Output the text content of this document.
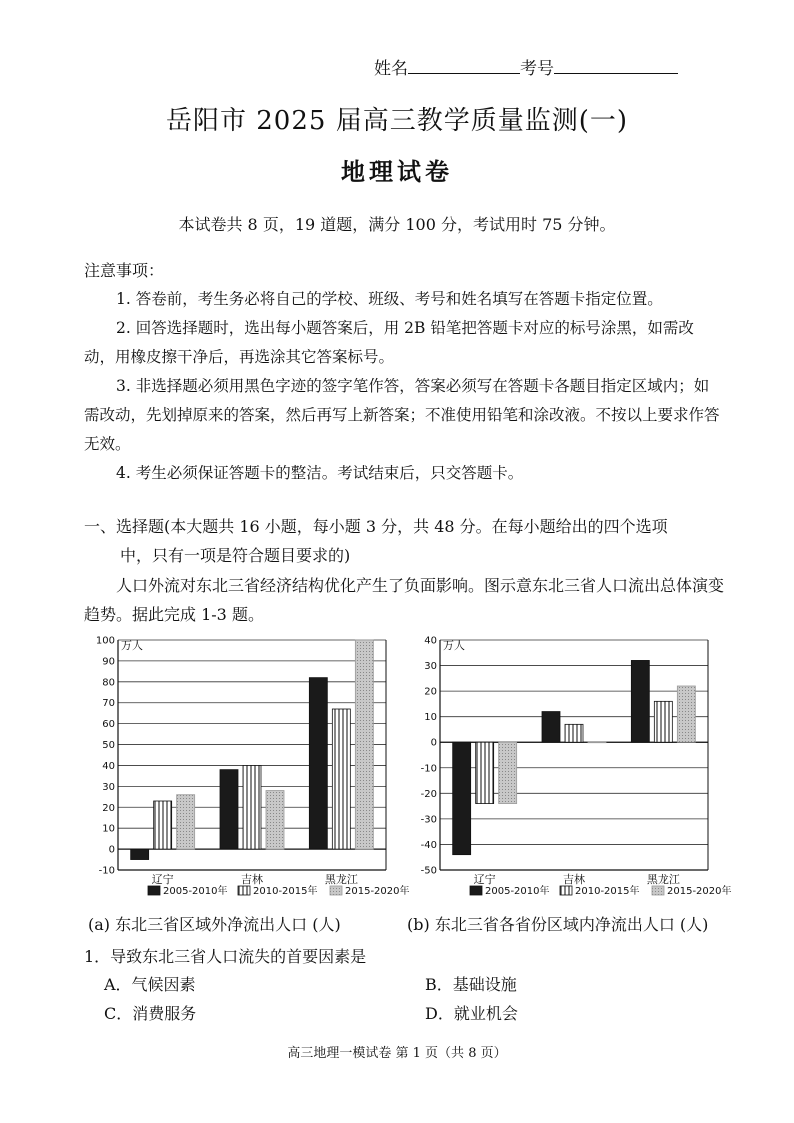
姓名	考号
岳阳市 2025 届高三教学质量监测(一)
地理试卷
本试卷共 8 页，19 道题，满分 100 分，考试用时 75 分钟。
注意事项：
1. 答卷前，考生务必将自己的学校、班级、考号和姓名填写在答题卡指定位置。
2. 回答选择题时，选出每小题答案后，用 2B 铅笔把答题卡对应的标号涂黑，如需改动，用橡皮擦干净后，再选涂其它答案标号。
3. 非选择题必须用黑色字迹的签字笔作答，答案必须写在答题卡各题目指定区域内；如需改动，先划掉原来的答案，然后再写上新答案；不准使用铅笔和涂改液。不按以上要求作答无效。
4. 考生必须保证答题卡的整洁。考试结束后，只交答题卡。
一、选择题(本大题共 16 小题，每小题 3 分，共 48 分。在每小题给出的四个选项
中，只有一项是符合题目要求的)
人口外流对东北三省经济结构优化产生了负面影响。图示意东北三省人口流出总体演变趋势。据此完成 1-3 题。
-10
0
10
20
30
40
50
60
70
80
90
100 万人
辽宁	吉林	黑龙江
2005-2010年	2010-2015年	2015-2020年
-50
-40
-30
-20
-10
0
10
20
30
40 万人
辽宁	吉林	黑龙江
2005-2010年	2010-2015年	2015-2020年
(a) 东北三省区域外净流出人口 (人)	(b) 东北三省各省份区域内净流出人口 (人)
1．导致东北三省人口流失的首要因素是
A．气候因素	B．基础设施
C．消费服务	D．就业机会
高三地理一模试卷 第 1 页（共 8 页）
